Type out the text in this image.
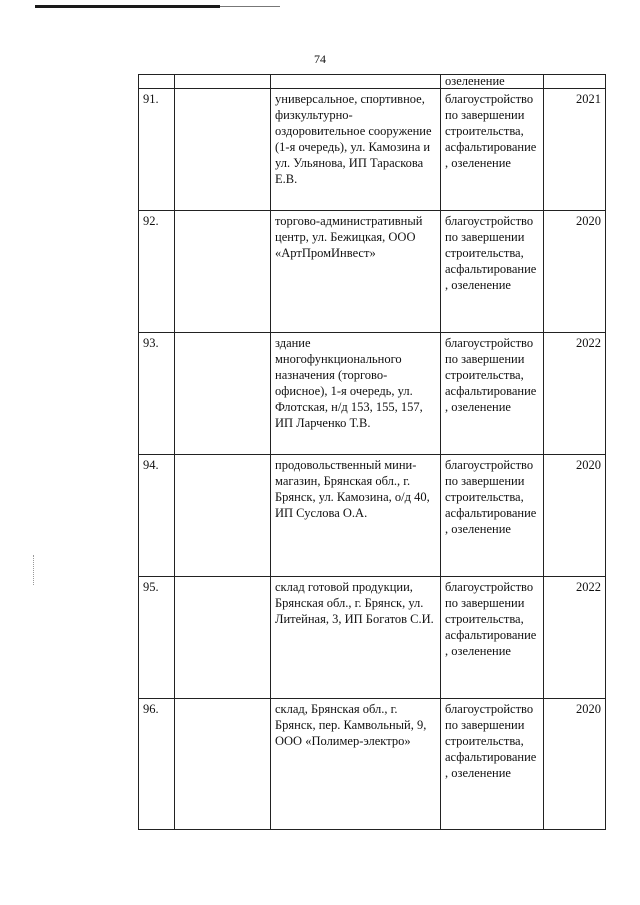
74
			озеленение	
91.		универсальное, спортивное, физкультурно-оздоровительное сооружение (1-я очередь), ул. Камозина и ул. Ульянова, ИП Тараскова Е.В.	благоустройство по завершении строительства, асфальтирование, озеленение	2021
92.		торгово-административный центр, ул. Бежицкая, ООО «АртПромИнвест»	благоустройство по завершении строительства, асфальтирование, озеленение	2020
93.		здание многофункционального назначения (торгово-офисное), 1-я очередь, ул. Флотская, н/д 153, 155, 157, ИП Ларченко Т.В.	благоустройство по завершении строительства, асфальтирование, озеленение	2022
94.		продовольственный мини-магазин, Брянская обл., г. Брянск, ул. Камозина, о/д 40, ИП Суслова О.А.	благоустройство по завершении строительства, асфальтирование, озеленение	2020
95.		склад готовой продукции, Брянская обл., г. Брянск, ул. Литейная, 3, ИП Богатов С.И.	благоустройство по завершении строительства, асфальтирование, озеленение	2022
96.		склад, Брянская обл., г. Брянск, пер. Камвольный, 9, ООО «Полимер-электро»	благоустройство по завершении строительства, асфальтирование, озеленение	2020
